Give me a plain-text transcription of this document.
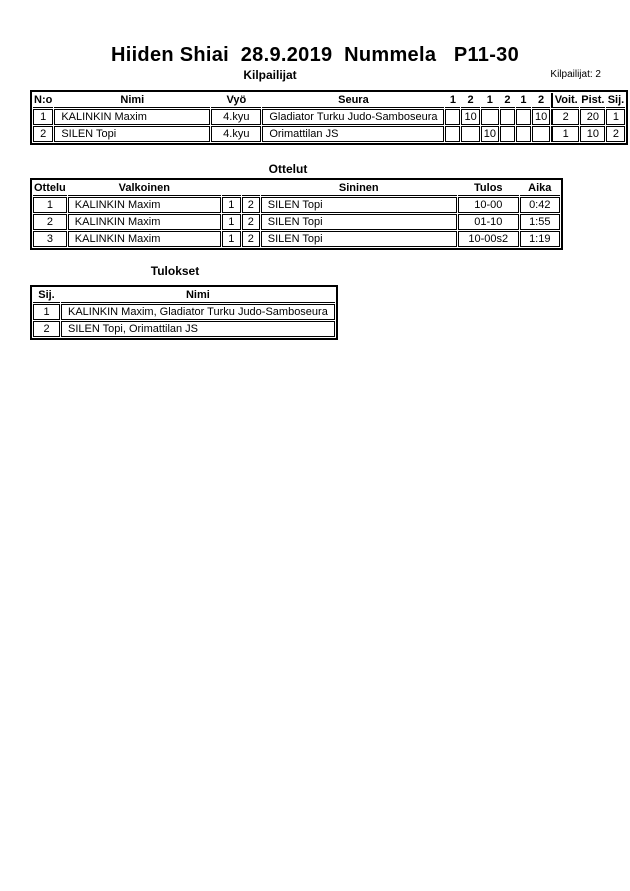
Hiiden Shiai  28.9.2019  Nummela   P11-30
Kilpailijat	Kilpailijat: 2
N:o	Nimi	Vyö	Seura	1	2	1	2	1	2	Voit.	Pist.	Sij.
1	KALINKIN Maxim	4.kyu	Gladiator Turku Judo-Samboseura		10				10	2	20	1
2	SILEN Topi	4.kyu	Orimattilan JS			10				1	10	2
Ottelut
Ottelu	Valkoinen			Sininen	Tulos	Aika
1	KALINKIN Maxim	1	2	SILEN Topi	10-00	0:42
2	KALINKIN Maxim	1	2	SILEN Topi	01-10	1:55
3	KALINKIN Maxim	1	2	SILEN Topi	10-00s2	1:19
Tulokset
Sij.	Nimi
1	KALINKIN Maxim, Gladiator Turku Judo-Samboseura
2	SILEN Topi, Orimattilan JS
